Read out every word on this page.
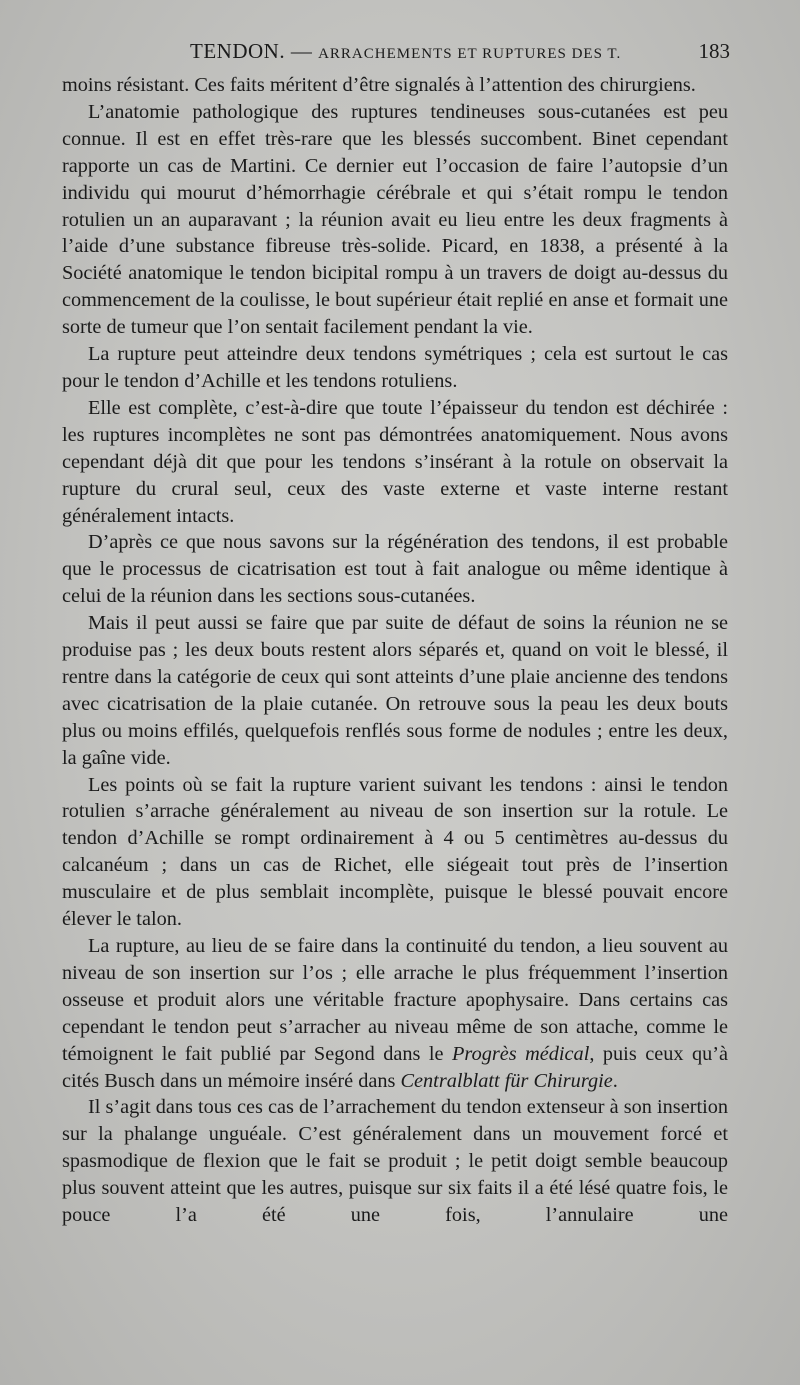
TENDON. — ARRACHEMENTS ET RUPTURES DES T.	183

moins résistant. Ces faits méritent d’être signalés à l’attention des chirurgiens.

L’anatomie pathologique des ruptures tendineuses sous-cutanées est peu connue. Il est en effet très-rare que les blessés succombent. Binet cependant rapporte un cas de Martini. Ce dernier eut l’occasion de faire l’autopsie d’un individu qui mourut d’hémorrhagie cérébrale et qui s’était rompu le tendon rotulien un an auparavant ; la réunion avait eu lieu entre les deux fragments à l’aide d’une substance fibreuse très-solide. Picard, en 1838, a présenté à la Société anatomique le tendon bicipital rompu à un travers de doigt au-dessus du commencement de la coulisse, le bout supérieur était replié en anse et formait une sorte de tumeur que l’on sentait facilement pendant la vie.

La rupture peut atteindre deux tendons symétriques ; cela est surtout le cas pour le tendon d’Achille et les tendons rotuliens.

Elle est complète, c’est-à-dire que toute l’épaisseur du tendon est déchirée : les ruptures incomplètes ne sont pas démontrées anatomiquement. Nous avons cependant déjà dit que pour les tendons s’insérant à la rotule on observait la rupture du crural seul, ceux des vaste externe et vaste interne restant généralement intacts.

D’après ce que nous savons sur la régénération des tendons, il est probable que le processus de cicatrisation est tout à fait analogue ou même identique à celui de la réunion dans les sections sous-cutanées.

Mais il peut aussi se faire que par suite de défaut de soins la réunion ne se produise pas ; les deux bouts restent alors séparés et, quand on voit le blessé, il rentre dans la catégorie de ceux qui sont atteints d’une plaie ancienne des tendons avec cicatrisation de la plaie cutanée. On retrouve sous la peau les deux bouts plus ou moins effilés, quelquefois renflés sous forme de nodules ; entre les deux, la gaîne vide.

Les points où se fait la rupture varient suivant les tendons : ainsi le tendon rotulien s’arrache généralement au niveau de son insertion sur la rotule. Le tendon d’Achille se rompt ordinairement à 4 ou 5 centimètres au-dessus du calcanéum ; dans un cas de Richet, elle siégeait tout près de l’insertion musculaire et de plus semblait incomplète, puisque le blessé pouvait encore élever le talon.

La rupture, au lieu de se faire dans la continuité du tendon, a lieu souvent au niveau de son insertion sur l’os ; elle arrache le plus fréquemment l’insertion osseuse et produit alors une véritable fracture apophysaire. Dans certains cas cependant le tendon peut s’arracher au niveau même de son attache, comme le témoignent le fait publié par Segond dans le Progrès médical, puis ceux qu’à cités Busch dans un mémoire inséré dans Centralblatt für Chirurgie.

Il s’agit dans tous ces cas de l’arrachement du tendon extenseur à son insertion sur la phalange unguéale. C’est généralement dans un mouvement forcé et spasmodique de flexion que le fait se produit ; le petit doigt semble beaucoup plus souvent atteint que les autres, puisque sur six faits il a été lésé quatre fois, le pouce l’a été une fois, l’annulaire une
